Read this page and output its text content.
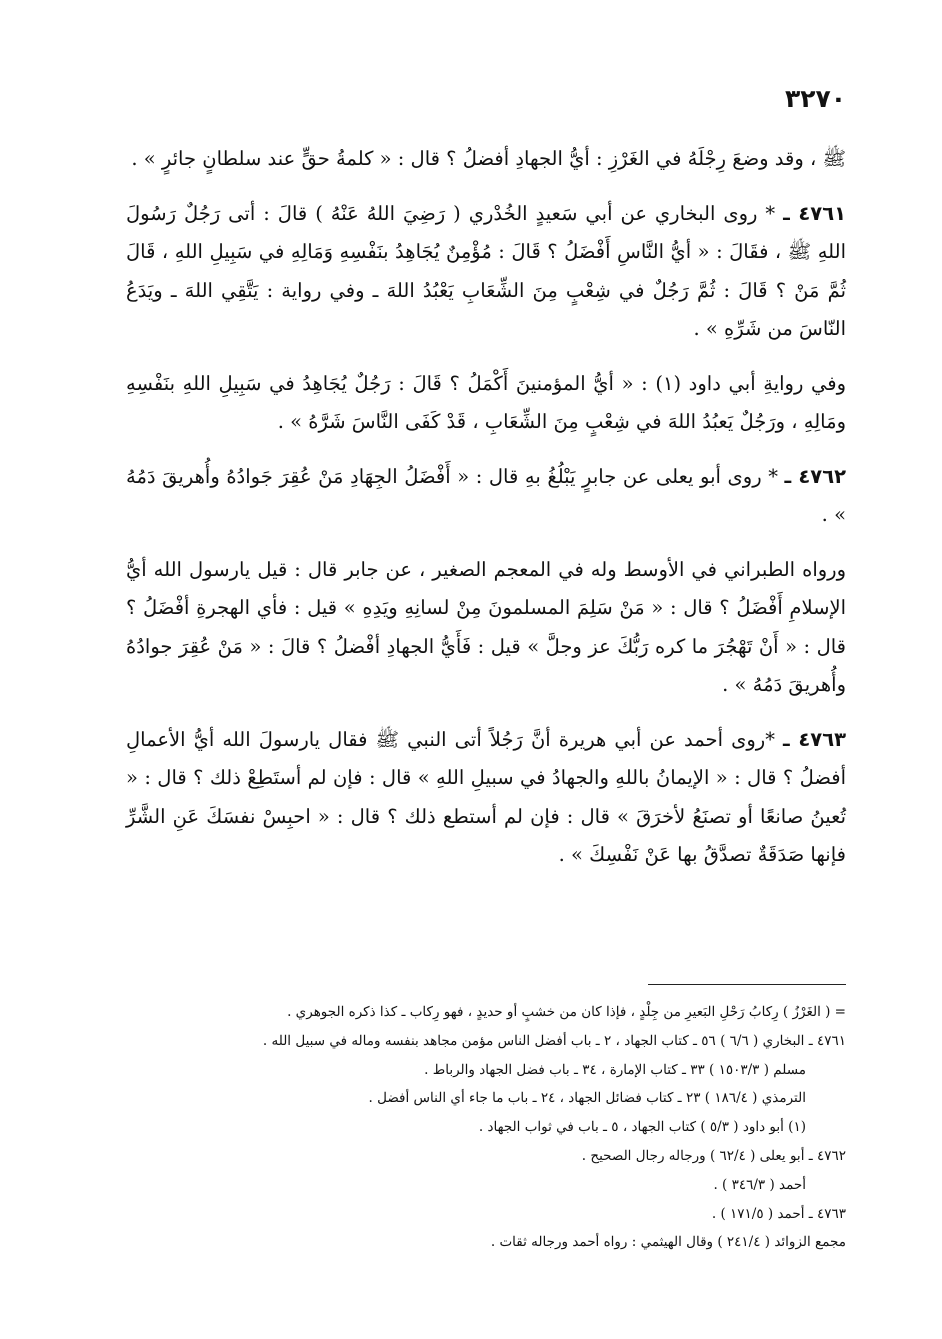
٣٢٧٠

ﷺ ، وقد وضعَ رِجْلَهُ في الغَرْزِ : أيُّ الجهادِ أفضلُ ؟ قال : « كلمةُ حقٍّ عند سلطانٍ جائرٍ » .

٤٧٦١ ـ * روى البخاري عن أبي سَعيدٍ الخُدْري ( رَضِيَ اللهُ عَنْهُ ) قالَ : أتى رَجُلٌ رَسُولَ اللهِ ﷺ ، فقَالَ : « أيُّ النَّاسِ أَفْضَلُ ؟ قَالَ : مُؤْمِنٌ يُجَاهِدُ بنَفْسِهِ وَمَالِهِ في سَبِيلِ اللهِ ، قَالَ ثُمَّ مَنْ ؟ قَالَ : ثُمَّ رَجُلٌ في شِعْبٍ مِنَ الشِّعَابِ يَعْبُدُ اللهَ ـ وفي رواية : يَتَّقِي اللهَ ـ ويَدَعُ النّاسَ من شَرِّهِ » .

وفي روايةِ أبي داود (١) : « أيُّ المؤمنينَ أَكْمَلُ ؟ قَالَ : رَجُلٌ يُجَاهِدُ في سَبِيلِ اللهِ بنَفْسِهِ ومَالِهِ ، ورَجُلٌ يَعبُدُ اللهَ في شِعْبٍ مِنَ الشِّعَابِ ، قَدْ كَفَى النَّاسَ شَرَّهُ » .

٤٧٦٢ ـ * روى أبو يعلى عن جابرٍ يَبْلُغُ بهِ قال : « أَفْضَلُ الجِهَادِ مَنْ عُقِرَ جَوادُهُ وأُهريقَ دَمُهُ » .

ورواه الطبراني في الأوسط وله في المعجم الصغير ، عن جابر قال : قيل يارسول الله أيُّ الإسلامِ أَفْضَلُ ؟ قال : « مَنْ سَلِمَ المسلمونَ مِنْ لسانِهِ ويَدِهِ » قيل : فأي الهجرةِ أفْضَلُ ؟ قال : « أَنْ تَهْجُرَ ما كره رَبُّكَ عز وجلَّ » قيل : فَأَيُّ الجهادِ أفْضلُ ؟ قالَ : « مَنْ عُقِرَ جوادُهُ وأُهريقَ دَمُهُ » .

٤٧٦٣ ـ *روى أحمد عن أبي هريرة أنَّ رَجُلاً أتى النبي ﷺ فقال يارسولَ الله أيُّ الأعمالِ أفضلُ ؟ قال : « الإيمانُ باللهِ والجهادُ في سبيلِ اللهِ » قال : فإن لم أستَطِعْ ذلك ؟ قال : « تُعينُ صانعًا أو تصنَعُ لأخرَقَ » قال : فإن لم أستطع ذلك ؟ قال : « احبِسْ نفسَكَ عَنِ الشَّرِّ فإنها صَدَقَةٌ تصدَّقُ بها عَنْ نَفْسِكَ » .

= ( الغَرْزُ ) رِكابُ رَحْلِ البَعيرِ من جِلْدٍ ، فإذا كان من خشبٍ أو حديدٍ ، فهو رِكاب ـ كذا ذكره الجوهري .
٤٧٦١ ـ البخاري ( ٦/٦ ) ٥٦ ـ كتاب الجهاد ، ٢ ـ باب أفضل الناس مؤمن مجاهد بنفسه وماله في سبيل الله .
مسلم ( ١٥٠٣/٣ ) ٣٣ ـ كتاب الإمارة ، ٣٤ ـ باب فضل الجهاد والرباط .
الترمذي ( ١٨٦/٤ ) ٢٣ ـ كتاب فضائل الجهاد ، ٢٤ ـ باب ما جاء أي الناس أفضل .
(١) أبو داود ( ٥/٣ ) كتاب الجهاد ، ٥ ـ باب في ثواب الجهاد .
٤٧٦٢ ـ أبو يعلى ( ٦٢/٤ ) ورجاله رجال الصحيح .
أحمد ( ٣٤٦/٣ ) .
٤٧٦٣ ـ أحمد ( ١٧١/٥ ) .
مجمع الزوائد ( ٢٤١/٤ ) وقال الهيثمي : رواه أحمد ورجاله ثقات .
